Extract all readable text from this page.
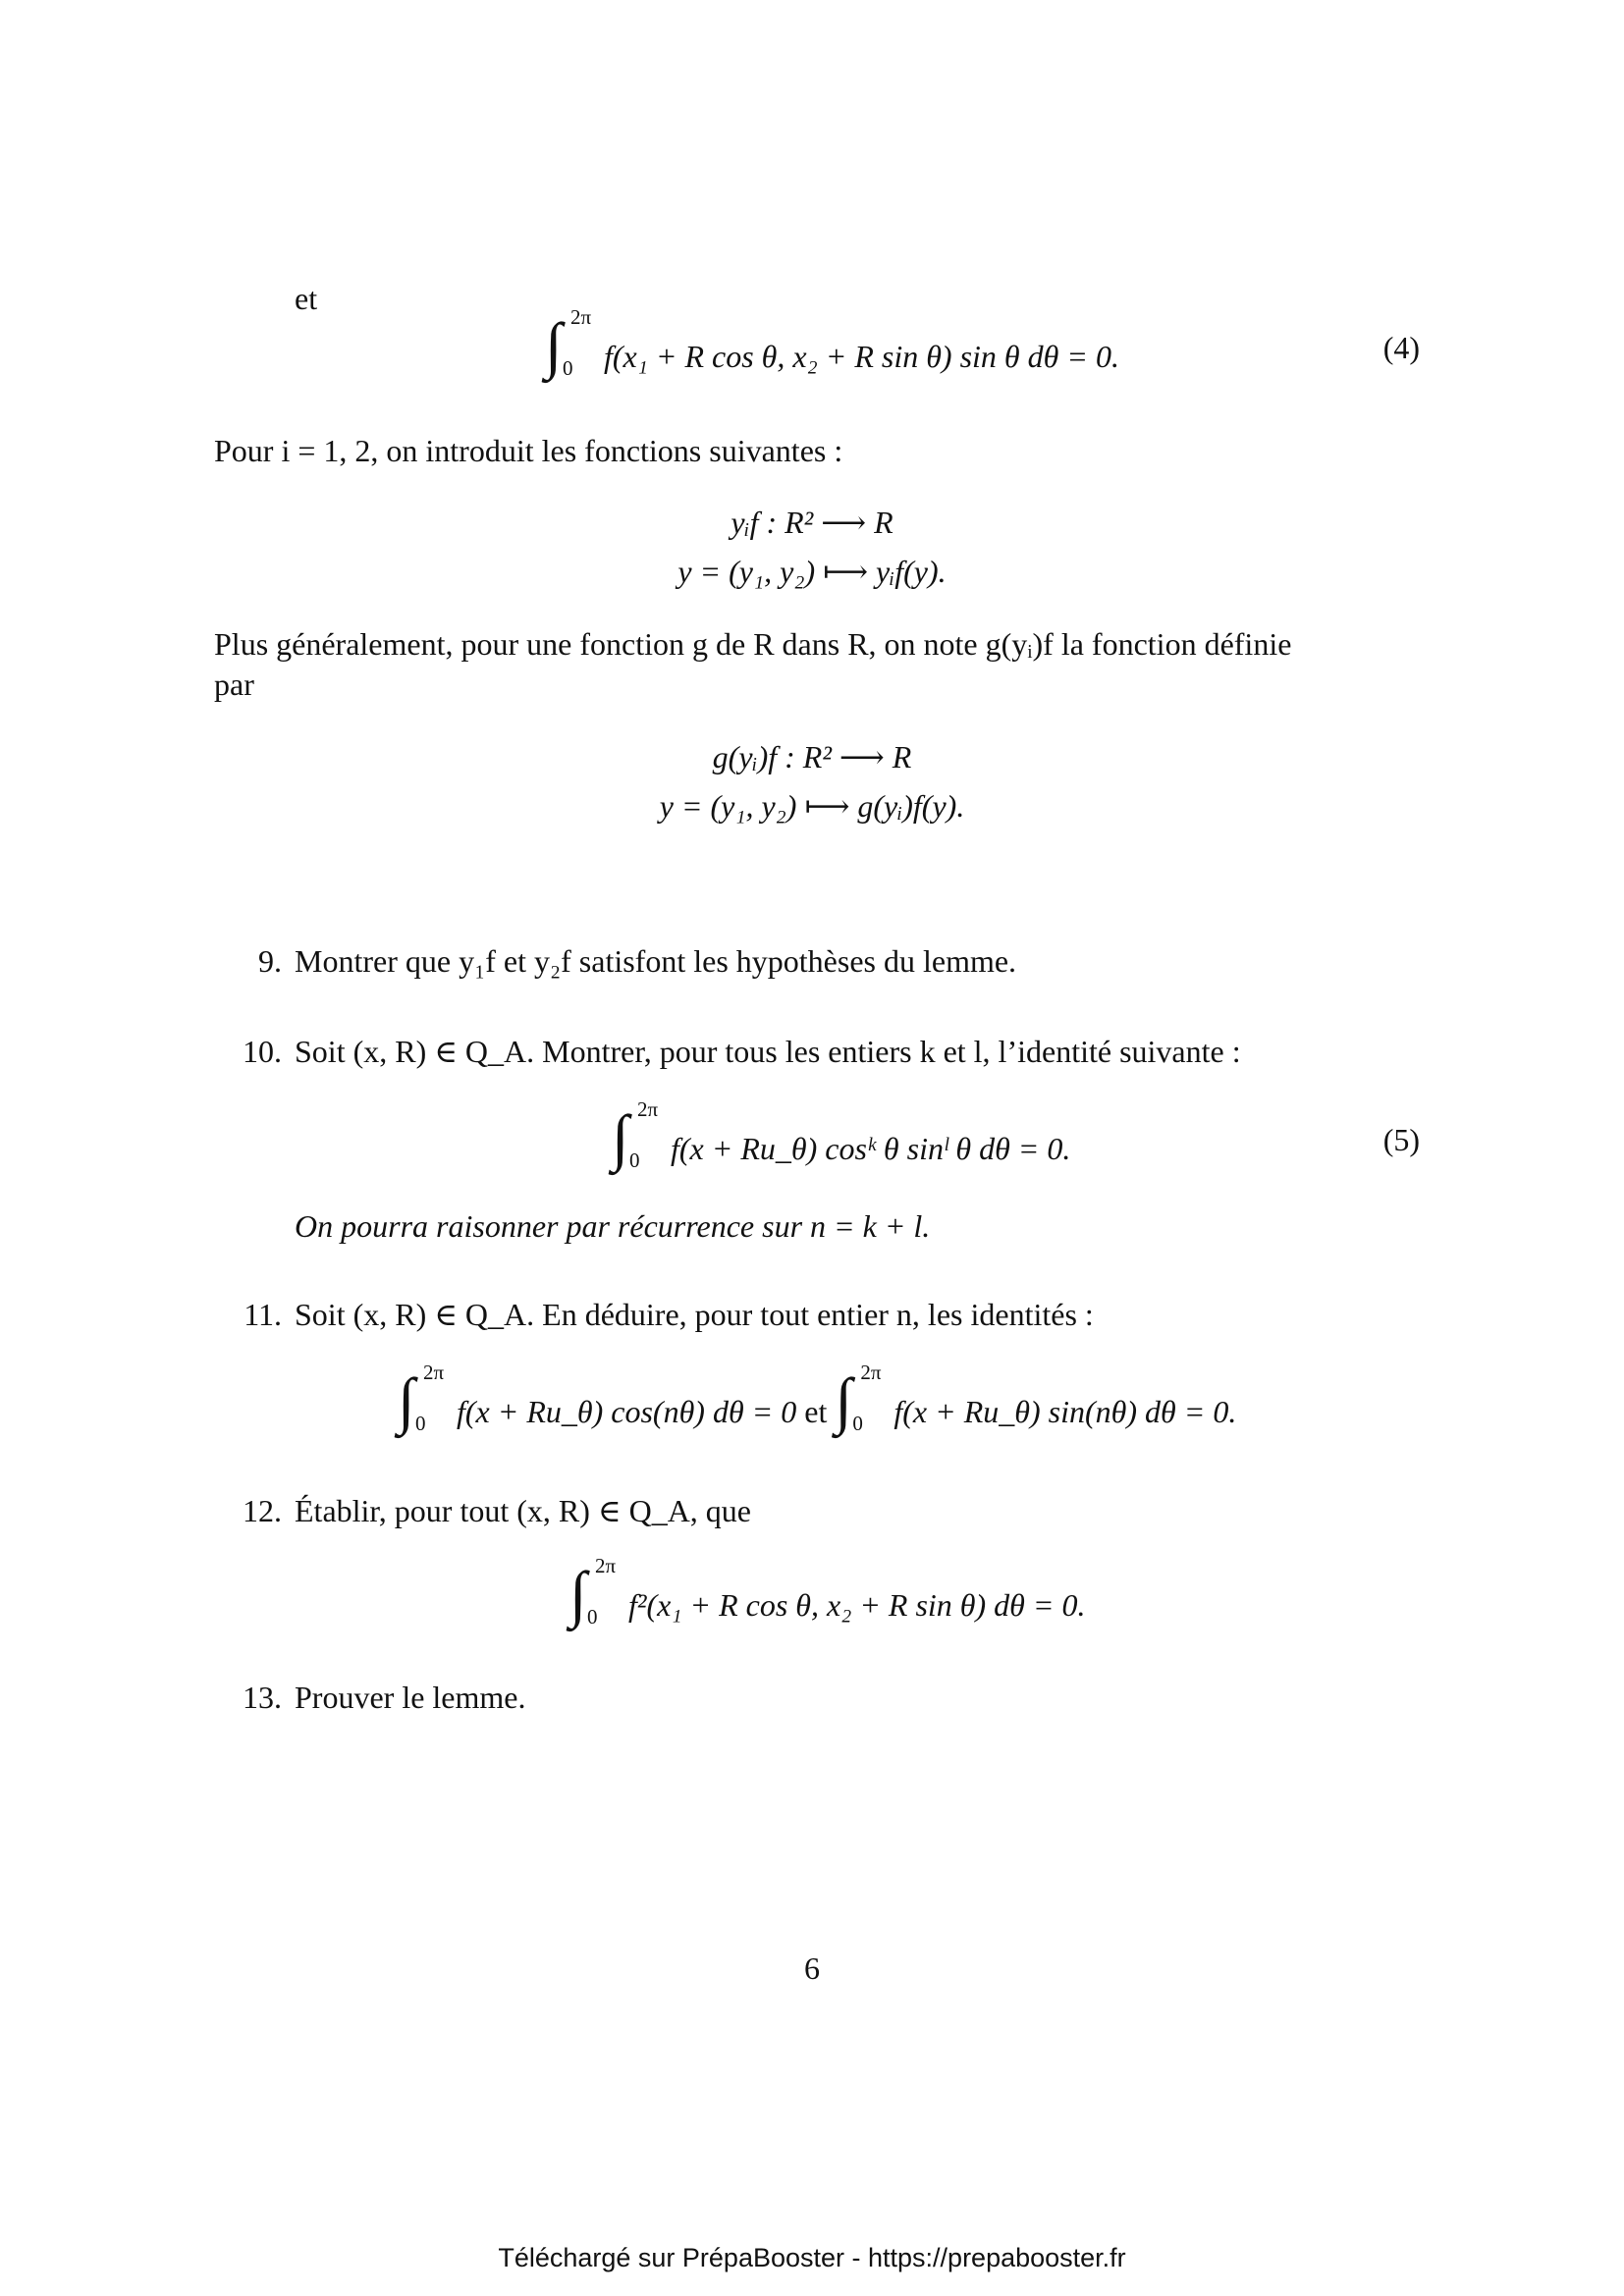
et
∫ 2π
0 f(x₁ + R cos θ, x₂ + R sin θ) sin θ dθ = 0.	(4)
Pour i = 1, 2, on introduit les fonctions suivantes :
yᵢf : R² ⟶ R
y = (y₁, y₂) ⟼ yᵢf(y).
Plus généralement, pour une fonction g de R dans R, on note g(yᵢ)f la fonction définie
par
g(yᵢ)f : R² ⟶ R
y = (y₁, y₂) ⟼ g(yᵢ)f(y).
9. Montrer que y₁f et y₂f satisfont les hypothèses du lemme.
10. Soit (x, R) ∈ Q_A. Montrer, pour tous les entiers k et l, l’identité suivante :
∫ 2π
0 f(x + Ru_θ) cosᵏ θ sinˡ θ dθ = 0.	(5)
On pourra raisonner par récurrence sur n = k + l.
11. Soit (x, R) ∈ Q_A. En déduire, pour tout entier n, les identités :
∫ 2π
0 f(x + Ru_θ) cos(nθ) dθ = 0 et ∫ 2π
0 f(x + Ru_θ) sin(nθ) dθ = 0.
12. Établir, pour tout (x, R) ∈ Q_A, que
∫ 2π
0 f²(x₁ + R cos θ, x₂ + R sin θ) dθ = 0.
13. Prouver le lemme.
6
Téléchargé sur PrépaBooster - https://prepabooster.fr
